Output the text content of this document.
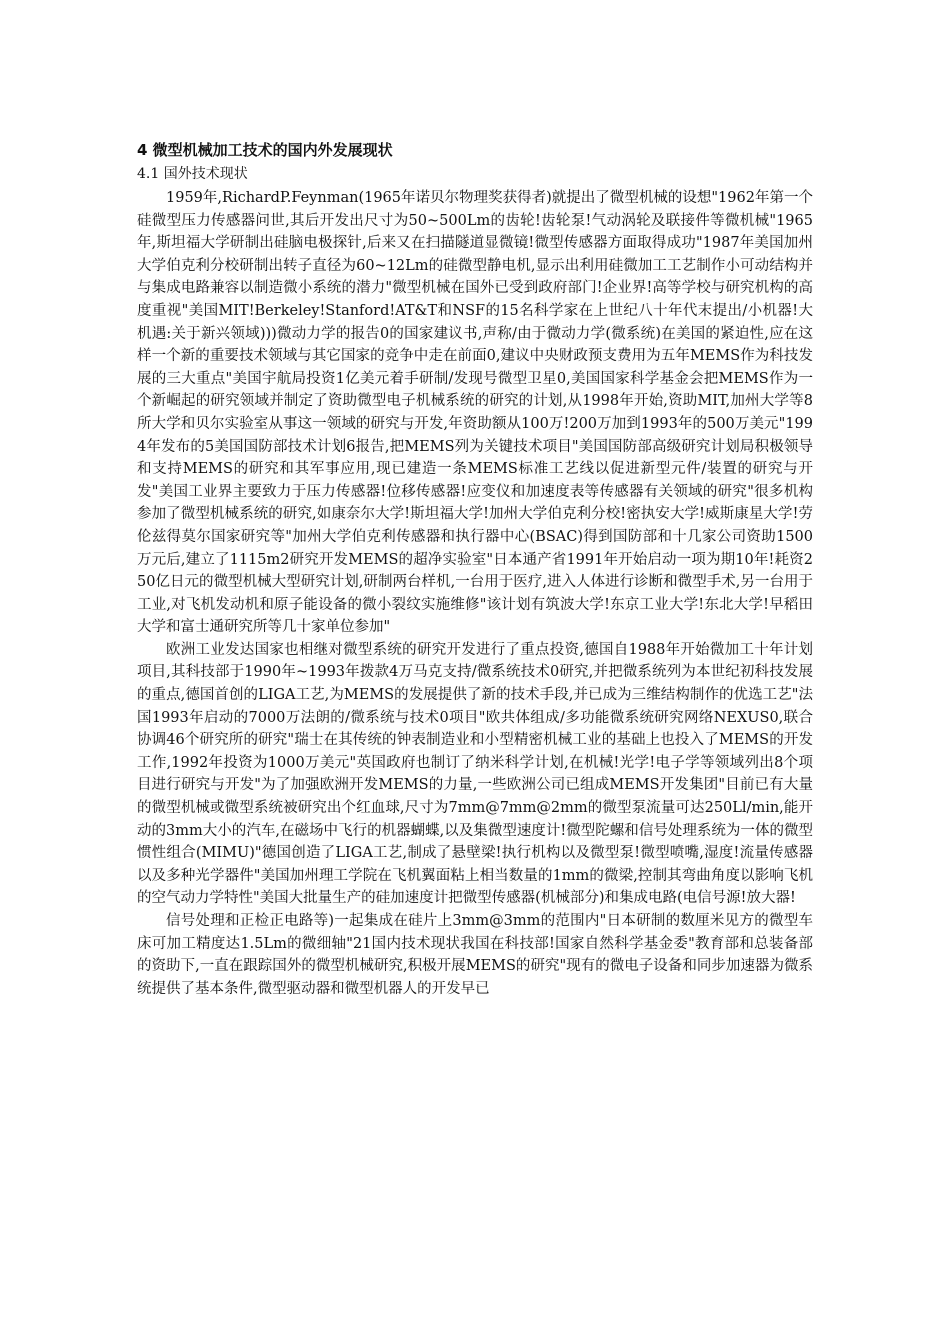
4 微型机械加工技术的国内外发展现状
4.1 国外技术现状

1959年,RichardP.Feynman(1965年诺贝尔物理奖获得者)就提出了微型机械的设想"1962年第一个硅微型压力传感器问世,其后开发出尺寸为50~500Lm的齿轮!齿轮泵!气动涡轮及联接件等微机械"1965年,斯坦福大学研制出硅脑电极探针,后来又在扫描隧道显微镜!微型传感器方面取得成功"1987年美国加州大学伯克利分校研制出转子直径为60~12Lm的硅微型静电机,显示出利用硅微加工工艺制作小可动结构并与集成电路兼容以制造微小系统的潜力"微型机械在国外已受到政府部门!企业界!高等学校与研究机构的高度重视"美国MIT!Berkeley!Stanford!AT&T和NSF的15名科学家在上世纪八十年代末提出/小机器!大机遇:关于新兴领域)))微动力学的报告0的国家建议书,声称/由于微动力学(微系统)在美国的紧迫性,应在这样一个新的重要技术领域与其它国家的竞争中走在前面0,建议中央财政预支费用为五年MEMS作为科技发展的三大重点"美国宇航局投资1亿美元着手研制/发现号微型卫星0,美国国家科学基金会把MEMS作为一个新崛起的研究领域并制定了资助微型电子机械系统的研究的计划,从1998年开始,资助MIT,加州大学等8所大学和贝尔实验室从事这一领域的研究与开发,年资助额从100万!200万加到1993年的500万美元"1994年发布的5美国国防部技术计划6报告,把MEMS列为关键技术项目"美国国防部高级研究计划局积极领导和支持MEMS的研究和其军事应用,现已建造一条MEMS标准工艺线以促进新型元件/装置的研究与开发"美国工业界主要致力于压力传感器!位移传感器!应变仪和加速度表等传感器有关领域的研究"很多机构参加了微型机械系统的研究,如康奈尔大学!斯坦福大学!加州大学伯克利分校!密执安大学!威斯康星大学!劳伦兹得莫尔国家研究等"加州大学伯克利传感器和执行器中心(BSAC)得到国防部和十几家公司资助1500万元后,建立了1115m2研究开发MEMS的超净实验室"日本通产省1991年开始启动一项为期10年!耗资250亿日元的微型机械大型研究计划,研制两台样机,一台用于医疗,进入人体进行诊断和微型手术,另一台用于工业,对飞机发动机和原子能设备的微小裂纹实施维修"该计划有筑波大学!东京工业大学!东北大学!早稻田大学和富士通研究所等几十家单位参加"

欧洲工业发达国家也相继对微型系统的研究开发进行了重点投资,德国自1988年开始微加工十年计划项目,其科技部于1990年~1993年拨款4万马克支持/微系统技术0研究,并把微系统列为本世纪初科技发展的重点,德国首创的LIGA工艺,为MEMS的发展提供了新的技术手段,并已成为三维结构制作的优选工艺"法国1993年启动的7000万法朗的/微系统与技术0项目"欧共体组成/多功能微系统研究网络NEXUS0,联合协调46个研究所的研究"瑞士在其传统的钟表制造业和小型精密机械工业的基础上也投入了MEMS的开发工作,1992年投资为1000万美元"英国政府也制订了纳米科学计划,在机械!光学!电子学等领域列出8个项目进行研究与开发"为了加强欧洲开发MEMS的力量,一些欧洲公司已组成MEMS开发集团"目前已有大量的微型机械或微型系统被研究出个红血球,尺寸为7mm@7mm@2mm的微型泵流量可达250Ll/min,能开动的3mm大小的汽车,在磁场中飞行的机器蝴蝶,以及集微型速度计!微型陀螺和信号处理系统为一体的微型惯性组合(MIMU)"德国创造了LIGA工艺,制成了悬壁梁!执行机构以及微型泵!微型喷嘴,湿度!流量传感器以及多种光学器件"美国加州理工学院在飞机翼面粘上相当数量的1mm的微梁,控制其弯曲角度以影响飞机的空气动力学特性"美国大批量生产的硅加速度计把微型传感器(机械部分)和集成电路(电信号源!放大器!

信号处理和正检正电路等)一起集成在硅片上3mm@3mm的范围内"日本研制的数厘米见方的微型车床可加工精度达1.5Lm的微细轴"21国内技术现状我国在科技部!国家自然科学基金委"教育部和总装备部的资助下,一直在跟踪国外的微型机械研究,积极开展MEMS的研究"现有的微电子设备和同步加速器为微系统提供了基本条件,微型驱动器和微型机器人的开发早已
